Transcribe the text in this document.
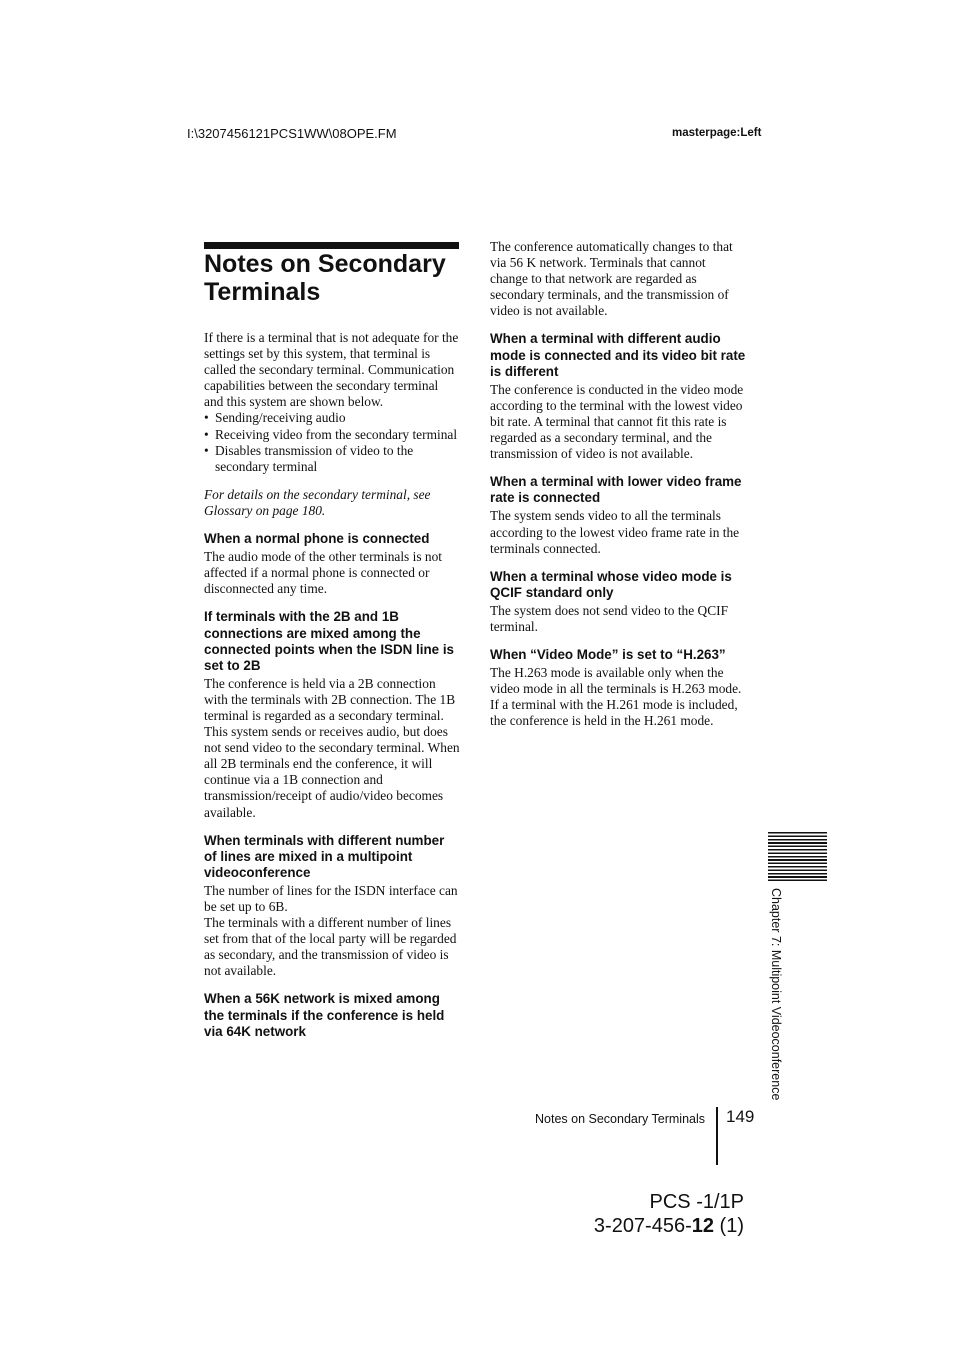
I:\3207456121PCS1WW\08OPE.FM	masterpage:Left
Notes on Secondary Terminals

If there is a terminal that is not adequate for the settings set by this system, that terminal is called the secondary terminal. Communication capabilities between the secondary terminal and this system are shown below.

• Sending/receiving audio
• Receiving video from the secondary terminal
• Disables transmission of video to the secondary terminal

For details on the secondary terminal, see Glossary on page 180.

When a normal phone is connected

The audio mode of the other terminals is not affected if a normal phone is connected or disconnected any time.

If terminals with the 2B and 1B connections are mixed among the connected points when the ISDN line is set to 2B

The conference is held via a 2B connection with the terminals with 2B connection. The 1B terminal is regarded as a secondary terminal. This system sends or receives audio, but does not send video to the secondary terminal. When all 2B terminals end the conference, it will continue via a 1B connection and transmission/receipt of audio/video becomes available.

When terminals with different number of lines are mixed in a multipoint videoconference

The number of lines for the ISDN interface can be set up to 6B.

The terminals with a different number of lines set from that of the local party will be regarded as secondary, and the transmission of video is not available.

When a 56K network is mixed among the terminals if the conference is held via 64K network

The conference automatically changes to that via 56 K network. Terminals that cannot change to that network are regarded as secondary terminals, and the transmission of video is not available.

When a terminal with different audio mode is connected and its video bit rate is different

The conference is conducted in the video mode according to the terminal with the lowest video bit rate. A terminal that cannot fit this rate is regarded as a secondary terminal, and the transmission of video is not available.

When a terminal with lower video frame rate is connected

The system sends video to all the terminals according to the lowest video frame rate in the terminals connected.

When a terminal whose video mode is QCIF standard only

The system does not send video to the QCIF terminal.

When “Video Mode” is set to “H.263”

The H.263 mode is available only when the video mode in all the terminals is H.263 mode. If a terminal with the H.261 mode is included, the conference is held in the H.261 mode.

Chapter 7: Multipoint Videoconference
Notes on Secondary Terminals 149
PCS -1/1P
3-207-456-12 (1)
